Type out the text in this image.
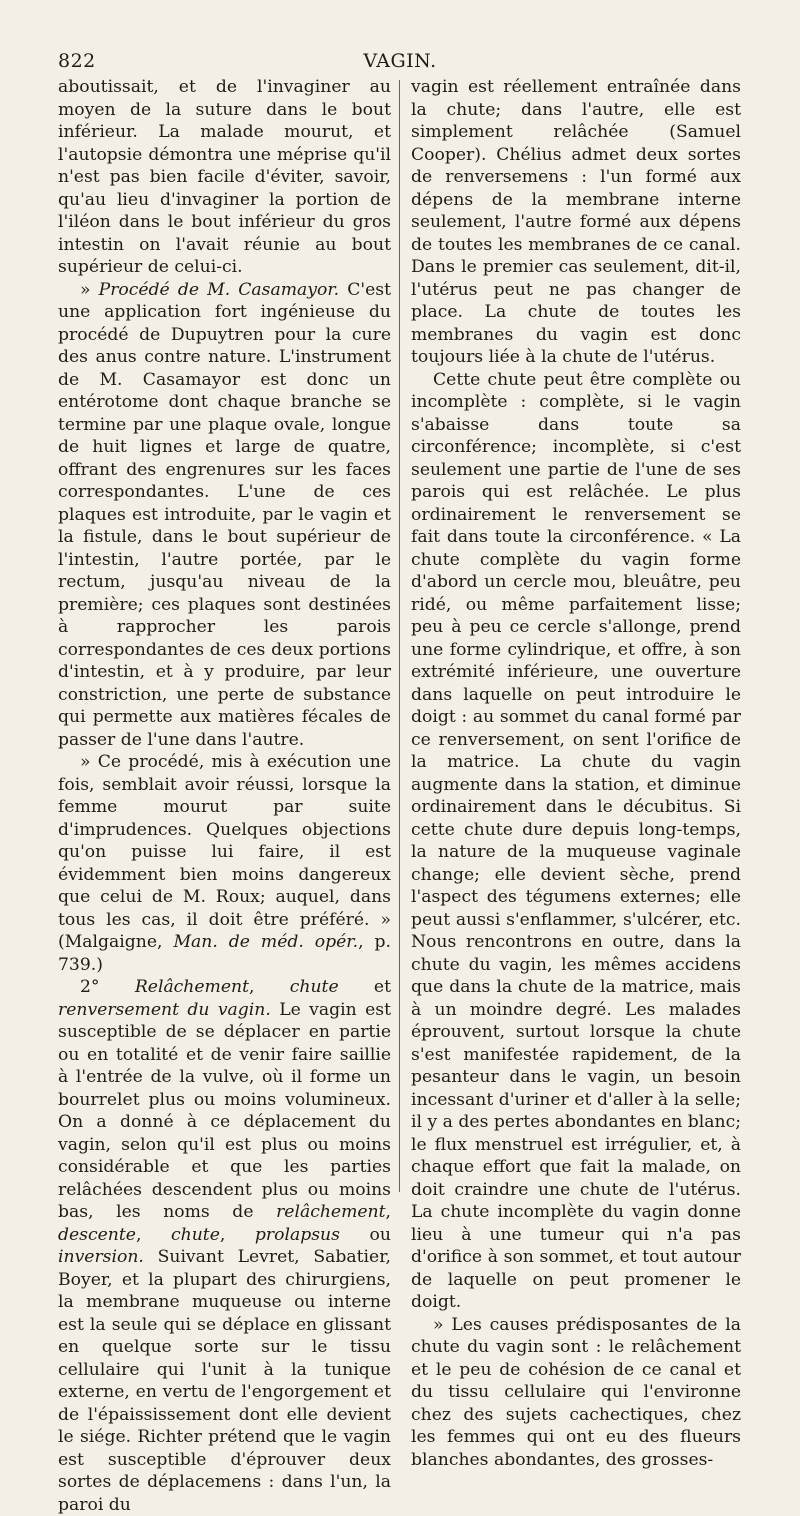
822	VAGIN.

aboutissait, et de l'invaginer au moyen de la suture dans le bout inférieur. La malade mourut, et l'autopsie démontra une méprise qu'il n'est pas bien facile d'éviter, savoir, qu'au lieu d'invaginer la portion de l'iléon dans le bout inférieur du gros intestin on l'avait réunie au bout supérieur de celui-ci.

» Procédé de M. Casamayor. C'est une application fort ingénieuse du procédé de Dupuytren pour la cure des anus contre nature. L'instrument de M. Casamayor est donc un entérotome dont chaque branche se termine par une plaque ovale, longue de huit lignes et large de quatre, offrant des engrenures sur les faces correspondantes. L'une de ces plaques est introduite, par le vagin et la fistule, dans le bout supérieur de l'intestin, l'autre portée, par le rectum, jusqu'au niveau de la première; ces plaques sont destinées à rapprocher les parois correspondantes de ces deux portions d'intestin, et à y produire, par leur constriction, une perte de substance qui permette aux matières fécales de passer de l'une dans l'autre.

» Ce procédé, mis à exécution une fois, semblait avoir réussi, lorsque la femme mourut par suite d'imprudences. Quelques objections qu'on puisse lui faire, il est évidemment bien moins dangereux que celui de M. Roux; auquel, dans tous les cas, il doit être préféré. » (Malgaigne, Man. de méd. opér., p. 739.)

2° Relâchement, chute et renversement du vagin. Le vagin est susceptible de se déplacer en partie ou en totalité et de venir faire saillie à l'entrée de la vulve, où il forme un bourrelet plus ou moins volumineux. On a donné à ce déplacement du vagin, selon qu'il est plus ou moins considérable et que les parties relâchées descendent plus ou moins bas, les noms de relâchement, descente, chute, prolapsus ou inversion. Suivant Levret, Sabatier, Boyer, et la plupart des chirurgiens, la membrane muqueuse ou interne est la seule qui se déplace en glissant en quelque sorte sur le tissu cellulaire qui l'unit à la tunique externe, en vertu de l'engorgement et de l'épaississement dont elle devient le siége. Richter prétend que le vagin est susceptible d'éprouver deux sortes de déplacemens : dans l'un, la paroi du

vagin est réellement entraînée dans la chute; dans l'autre, elle est simplement relâchée (Samuel Cooper). Chélius admet deux sortes de renversemens : l'un formé aux dépens de la membrane interne seulement, l'autre formé aux dépens de toutes les membranes de ce canal. Dans le premier cas seulement, dit-il, l'utérus peut ne pas changer de place. La chute de toutes les membranes du vagin est donc toujours liée à la chute de l'utérus.

Cette chute peut être complète ou incomplète : complète, si le vagin s'abaisse dans toute sa circonférence; incomplète, si c'est seulement une partie de l'une de ses parois qui est relâchée. Le plus ordinairement le renversement se fait dans toute la circonférence. « La chute complète du vagin forme d'abord un cercle mou, bleuâtre, peu ridé, ou même parfaitement lisse; peu à peu ce cercle s'allonge, prend une forme cylindrique, et offre, à son extrémité inférieure, une ouverture dans laquelle on peut introduire le doigt : au sommet du canal formé par ce renversement, on sent l'orifice de la matrice. La chute du vagin augmente dans la station, et diminue ordinairement dans le décubitus. Si cette chute dure depuis long-temps, la nature de la muqueuse vaginale change; elle devient sèche, prend l'aspect des tégumens externes; elle peut aussi s'enflammer, s'ulcérer, etc. Nous rencontrons en outre, dans la chute du vagin, les mêmes accidens que dans la chute de la matrice, mais à un moindre degré. Les malades éprouvent, surtout lorsque la chute s'est manifestée rapidement, de la pesanteur dans le vagin, un besoin incessant d'uriner et d'aller à la selle; il y a des pertes abondantes en blanc; le flux menstruel est irrégulier, et, à chaque effort que fait la malade, on doit craindre une chute de l'utérus. La chute incomplète du vagin donne lieu à une tumeur qui n'a pas d'orifice à son sommet, et tout autour de laquelle on peut promener le doigt.

» Les causes prédisposantes de la chute du vagin sont : le relâchement et le peu de cohésion de ce canal et du tissu cellulaire qui l'environne chez des sujets cachectiques, chez les femmes qui ont eu des flueurs blanches abondantes, des grosses-
